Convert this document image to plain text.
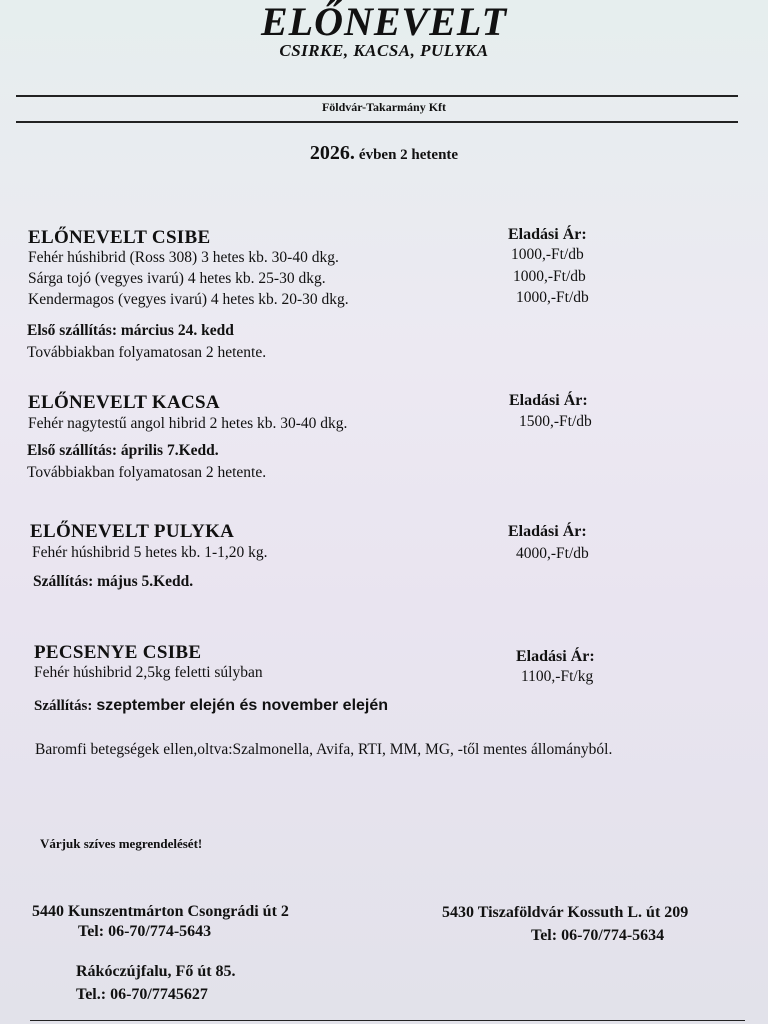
ELŐNEVELT
CSIRKE, KACSA, PULYKA
Földvár-Takarmány Kft
2026. évben 2 hetente
ELŐNEVELT CSIBE	Eladási Ár:
Fehér húshibrid (Ross 308) 3 hetes kb. 30-40 dkg.	1000,-Ft/db
Sárga tojó (vegyes ivarú) 4 hetes kb. 25-30 dkg.	1000,-Ft/db
Kendermagos (vegyes ivarú) 4 hetes kb. 20-30 dkg.	1000,-Ft/db
Első szállítás: március 24. kedd
Továbbiakban folyamatosan 2 hetente.
ELŐNEVELT KACSA	Eladási Ár:
Fehér nagytestű angol hibrid 2 hetes kb. 30-40 dkg.	1500,-Ft/db
Első szállítás: április 7.Kedd.
Továbbiakban folyamatosan 2 hetente.
ELŐNEVELT PULYKA	Eladási Ár:
Fehér húshibrid 5 hetes kb. 1-1,20 kg.	4000,-Ft/db
Szállítás: május 5.Kedd.
PECSENYE CSIBE	Eladási Ár:
Fehér húshibrid 2,5kg feletti súlyban	1100,-Ft/kg
Szállítás: szeptember elején és november elején
Baromfi betegségek ellen,oltva:Szalmonella, Avifa, RTI, MM, MG, -től mentes állományból.
Várjuk szíves megrendelését!
5440 Kunszentmárton Csongrádi út 2
Tel: 06-70/774-5643
5430 Tiszaföldvár Kossuth L. út 209
Tel: 06-70/774-5634
Rákóczújfalu, Fő út 85.
Tel.: 06-70/7745627
